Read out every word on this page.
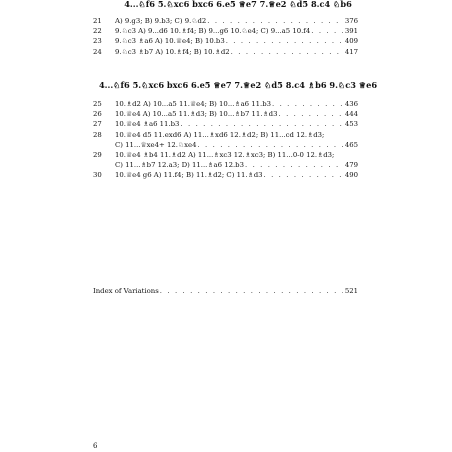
4...♘f6 5.♘xc6 bxc6 6.e5 ♕e7 7.♕e2 ♘d5 8.c4 ♘b6
21	A) 9.g3; B) 9.b3; C) 9.♘d2 . . .	376
22	9.♘c3 A) 9...d6 10.♗f4; B) 9...g6 10.♘e4; C) 9...a5 10.f4 . . .	391
23	9.♘c3 ♗a6 A) 10.♕e4; B) 10.b3 . . .	409
24	9.♘c3 ♗b7 A) 10.♗f4; B) 10.♗d2 . . .	417
4...♘f6 5.♘xc6 bxc6 6.e5 ♕e7 7.♕e2 ♘d5 8.c4 ♗b6 9.♘c3 ♕e6
25	10.♗d2 A) 10...a5 11.♕e4; B) 10...♗a6 11.b3 . . .	436
26	10.♕e4 A) 10...a5 11.♗d3; B) 10...♗b7 11.♗d3 . . .	444
27	10.♕e4 ♗a6 11.b3 . . .	453
28	10.♕e4 d5 11.exd6 A) 11...♗xd6 12.♗d2; B) 11...cd 12.♗d3;
C) 11...♕xe4+ 12.♘xe4 . . .	465
29	10.♕e4 ♗b4 11.♗d2 A) 11...♗xc3 12.♗xc3; B) 11...0-0 12.♗d3;
C) 11...♗b7 12.a3; D) 11...♗a6 12.b3 . . .	479
30	10.♕e4 g6 A) 11.f4; B) 11.♗d2; C) 11.♗d3 . . .	490
Index of Variations . . .	521
6
